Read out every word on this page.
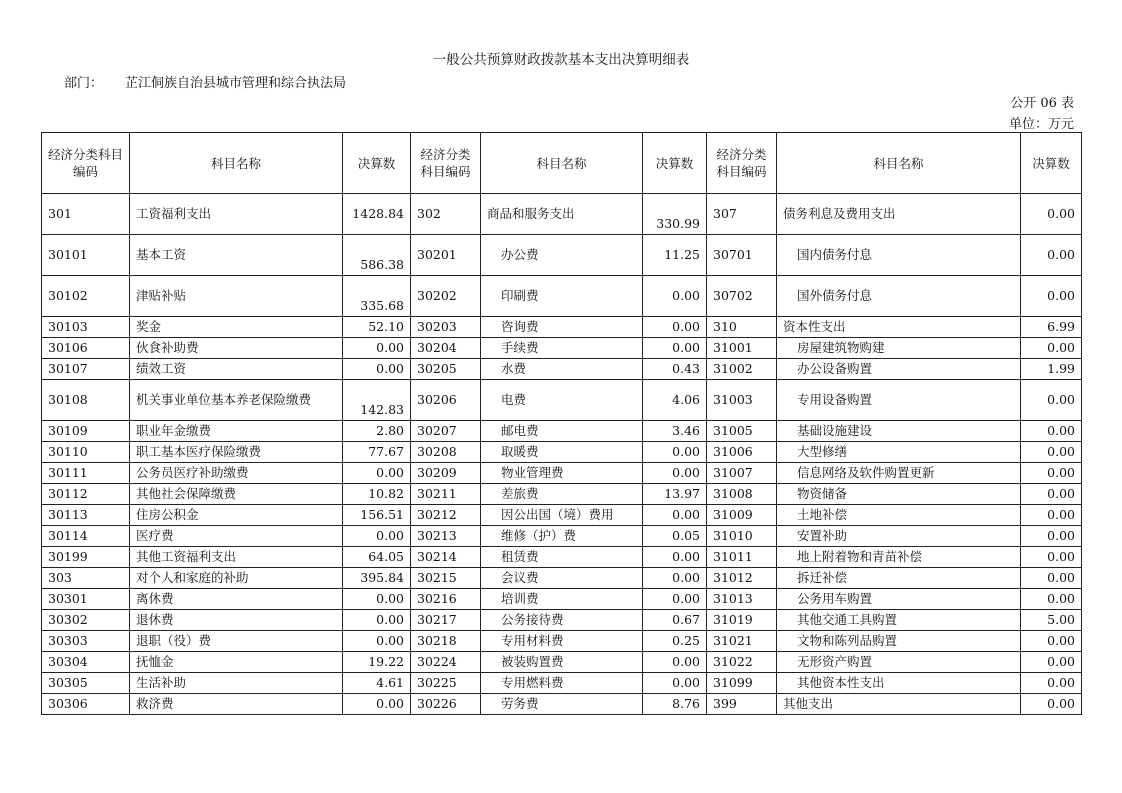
一般公共预算财政拨款基本支出决算明细表
部门： 芷江侗族自治县城市管理和综合执法局
公开 06 表
单位：万元
经济分类科目编码	科目名称	决算数	经济分类科目编码	科目名称	决算数	经济分类科目编码	科目名称	决算数
301	工资福利支出	1428.84	302	商品和服务支出	330.99	307	债务利息及费用支出	0.00
30101	基本工资	586.38	30201	办公费	11.25	30701	国内债务付息	0.00
30102	津贴补贴	335.68	30202	印刷费	0.00	30702	国外债务付息	0.00
30103	奖金	52.10	30203	咨询费	0.00	310	资本性支出	6.99
30106	伙食补助费	0.00	30204	手续费	0.00	31001	房屋建筑物购建	0.00
30107	绩效工资	0.00	30205	水费	0.43	31002	办公设备购置	1.99
30108	机关事业单位基本养老保险缴费	142.83	30206	电费	4.06	31003	专用设备购置	0.00
30109	职业年金缴费	2.80	30207	邮电费	3.46	31005	基础设施建设	0.00
30110	职工基本医疗保险缴费	77.67	30208	取暖费	0.00	31006	大型修缮	0.00
30111	公务员医疗补助缴费	0.00	30209	物业管理费	0.00	31007	信息网络及软件购置更新	0.00
30112	其他社会保障缴费	10.82	30211	差旅费	13.97	31008	物资储备	0.00
30113	住房公积金	156.51	30212	因公出国（境）费用	0.00	31009	土地补偿	0.00
30114	医疗费	0.00	30213	维修（护）费	0.05	31010	安置补助	0.00
30199	其他工资福利支出	64.05	30214	租赁费	0.00	31011	地上附着物和青苗补偿	0.00
303	对个人和家庭的补助	395.84	30215	会议费	0.00	31012	拆迁补偿	0.00
30301	离休费	0.00	30216	培训费	0.00	31013	公务用车购置	0.00
30302	退休费	0.00	30217	公务接待费	0.67	31019	其他交通工具购置	5.00
30303	退职（役）费	0.00	30218	专用材料费	0.25	31021	文物和陈列品购置	0.00
30304	抚恤金	19.22	30224	被装购置费	0.00	31022	无形资产购置	0.00
30305	生活补助	4.61	30225	专用燃料费	0.00	31099	其他资本性支出	0.00
30306	救济费	0.00	30226	劳务费	8.76	399	其他支出	0.00
